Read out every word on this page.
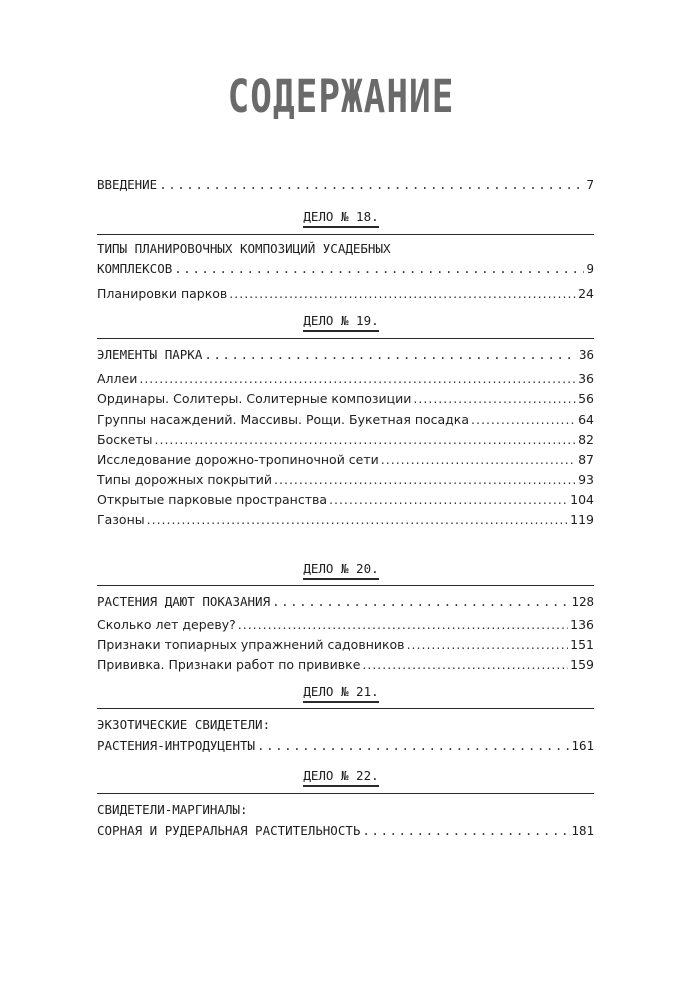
СОДЕРЖАНИЕ
ВВЕДЕНИЕ .....	7
ДЕЛО № 18.
ТИПЫ ПЛАНИРОВОЧНЫХ КОМПОЗИЦИЙ УСАДЕБНЫХ
КОМПЛЕКСОВ .....	9
Планировки парков .....	24
ДЕЛО № 19.
ЭЛЕМЕНТЫ ПАРКА .....	36
Аллеи .....	36
Ординары. Солитеры. Солитерные композиции .....	56
Группы насаждений. Массивы. Рощи. Букетная посадка .....	64
Боскеты .....	82
Исследование дорожно-тропиночной сети .....	87
Типы дорожных покрытий .....	93
Открытые парковые пространства .....	104
Газоны .....	119
ДЕЛО № 20.
РАСТЕНИЯ ДАЮТ ПОКАЗАНИЯ .....	128
Сколько лет дереву? .....	136
Признаки топиарных упражнений садовников .....	151
Прививка. Признаки работ по прививке .....	159
ДЕЛО № 21.
ЭКЗОТИЧЕСКИЕ СВИДЕТЕЛИ:
РАСТЕНИЯ-ИНТРОДУЦЕНТЫ .....	161
ДЕЛО № 22.
СВИДЕТЕЛИ-МАРГИНАЛЫ:
СОРНАЯ И РУДЕРАЛЬНАЯ РАСТИТЕЛЬНОСТЬ .....	181
